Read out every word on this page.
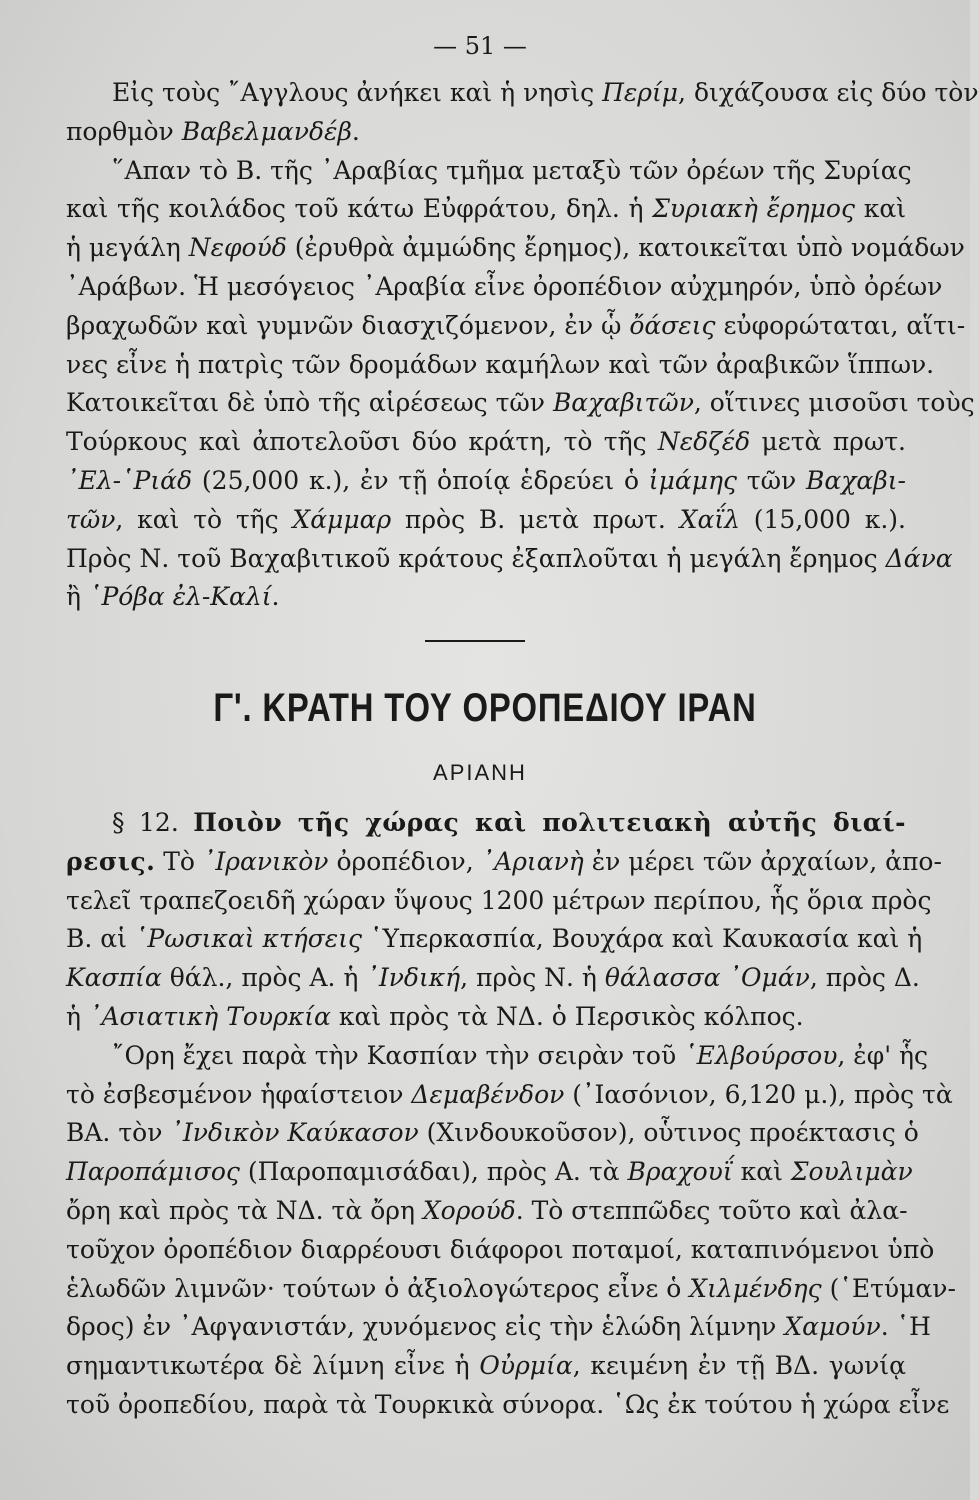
— 51 —

Εἰς τοὺς ῎Αγγλους ἀνήκει καὶ ἡ νησὶς Περίμ, διχάζουσα εἰς δύο τὸν
πορθμὸν Βαβελμανδέβ.

῞Απαν τὸ Β. τῆς ᾿Αραβίας τμῆμα μεταξὺ τῶν ὀρέων τῆς Συρίας
καὶ τῆς κοιλάδος τοῦ κάτω Εὐφράτου, δηλ. ἡ Συριακὴ ἔρημος καὶ
ἡ μεγάλη Νεφούδ (ἐρυθρὰ ἀμμώδης ἔρημος), κατοικεῖται ὑπὸ νομάδων
᾿Αράβων. Ἡ μεσόγειος ᾿Αραβία εἶνε ὀροπέδιον αὐχμηρόν, ὑπὸ ὀρέων
βραχωδῶν καὶ γυμνῶν διασχιζόμενον, ἐν ᾧ ὄάσεις εὐφορώταται, αἵτι-
νες εἶνε ἡ πατρὶς τῶν δρομάδων καμήλων καὶ τῶν ἀραβικῶν ἵππων.
Κατοικεῖται δὲ ὑπὸ τῆς αἱρέσεως τῶν Βαχαβιτῶν, οἵτινες μισοῦσι τοὺς
Τούρκους καὶ ἀποτελοῦσι δύο κράτη, τὸ τῆς Νεδζέδ μετὰ πρωτ.
᾿Ελ-῾Ριάδ (25,000 κ.), ἐν τῇ ὁποίᾳ ἑδρεύει ὁ ἰμάμης τῶν Βαχαβι-
τῶν, καὶ τὸ τῆς Χάμμαρ πρὸς Β. μετὰ πρωτ. Χαΐλ (15,000 κ.).
Πρὸς Ν. τοῦ Βαχαβιτικοῦ κράτους ἐξαπλοῦται ἡ μεγάλη ἔρημος Δάνα
ἢ ῾Ρόβα ἐλ-Καλί.

Γ'. ΚΡΑΤΗ ΤΟΥ ΟΡΟΠΕΔΙΟΥ ΙΡΑΝ
ΑΡΙΑΝΗ

§ 12. Ποιὸν τῆς χώρας καὶ πολιτειακὴ αὐτῆς διαί-
ρεσις. Τὸ ᾿Ιρανικὸν ὀροπέδιον, ᾿Αριανὴ ἐν μέρει τῶν ἀρχαίων, ἀπο-
τελεῖ τραπεζοειδῆ χώραν ὕψους 1200 μέτρων περίπου, ἧς ὅρια πρὸς
Β. αἱ ῾Ρωσικαὶ κτήσεις ῾Υπερκασπία, Βουχάρα καὶ Καυκασία καὶ ἡ
Κασπία θάλ., πρὸς Α. ἡ ᾿Ινδική, πρὸς Ν. ἡ θάλασσα ᾿Ομάν, πρὸς Δ.
ἡ ᾿Ασιατικὴ Τουρκία καὶ πρὸς τὰ ΝΔ. ὁ Περσικὸς κόλπος.

῎Ορη ἔχει παρὰ τὴν Κασπίαν τὴν σειρὰν τοῦ ῾Ελβούρσου, ἐφ' ἧς
τὸ ἐσβεσμένον ἡφαίστειον Δεμαβένδον (᾿Ιασόνιον, 6,120 μ.), πρὸς τὰ
ΒΑ. τὸν ᾿Ινδικὸν Καύκασον (Χινδουκοῦσον), οὗτινος προέκτασις ὁ
Παροπάμισος (Παροπαμισάδαι), πρὸς Α. τὰ Βραχουΐ καὶ Σουλιμὰν
ὄρη καὶ πρὸς τὰ ΝΔ. τὰ ὄρη Χορούδ. Τὸ στεππῶδες τοῦτο καὶ ἀλα-
τοῦχον ὀροπέδιον διαρρέουσι διάφοροι ποταμοί, καταπινόμενοι ὑπὸ
ἑλωδῶν λιμνῶν· τούτων ὁ ἀξιολογώτερος εἶνε ὁ Χιλμένδης (῾Ετύμαν-
δρος) ἐν ᾿Αφγανιστάν, χυνόμενος εἰς τὴν ἑλώδη λίμνην Χαμούν. ῾Η
σημαντικωτέρα δὲ λίμνη εἶνε ἡ Οὐρμία, κειμένη ἐν τῇ ΒΔ. γωνίᾳ
τοῦ ὀροπεδίου, παρὰ τὰ Τουρκικὰ σύνορα. ῾Ως ἐκ τούτου ἡ χώρα εἶνε
